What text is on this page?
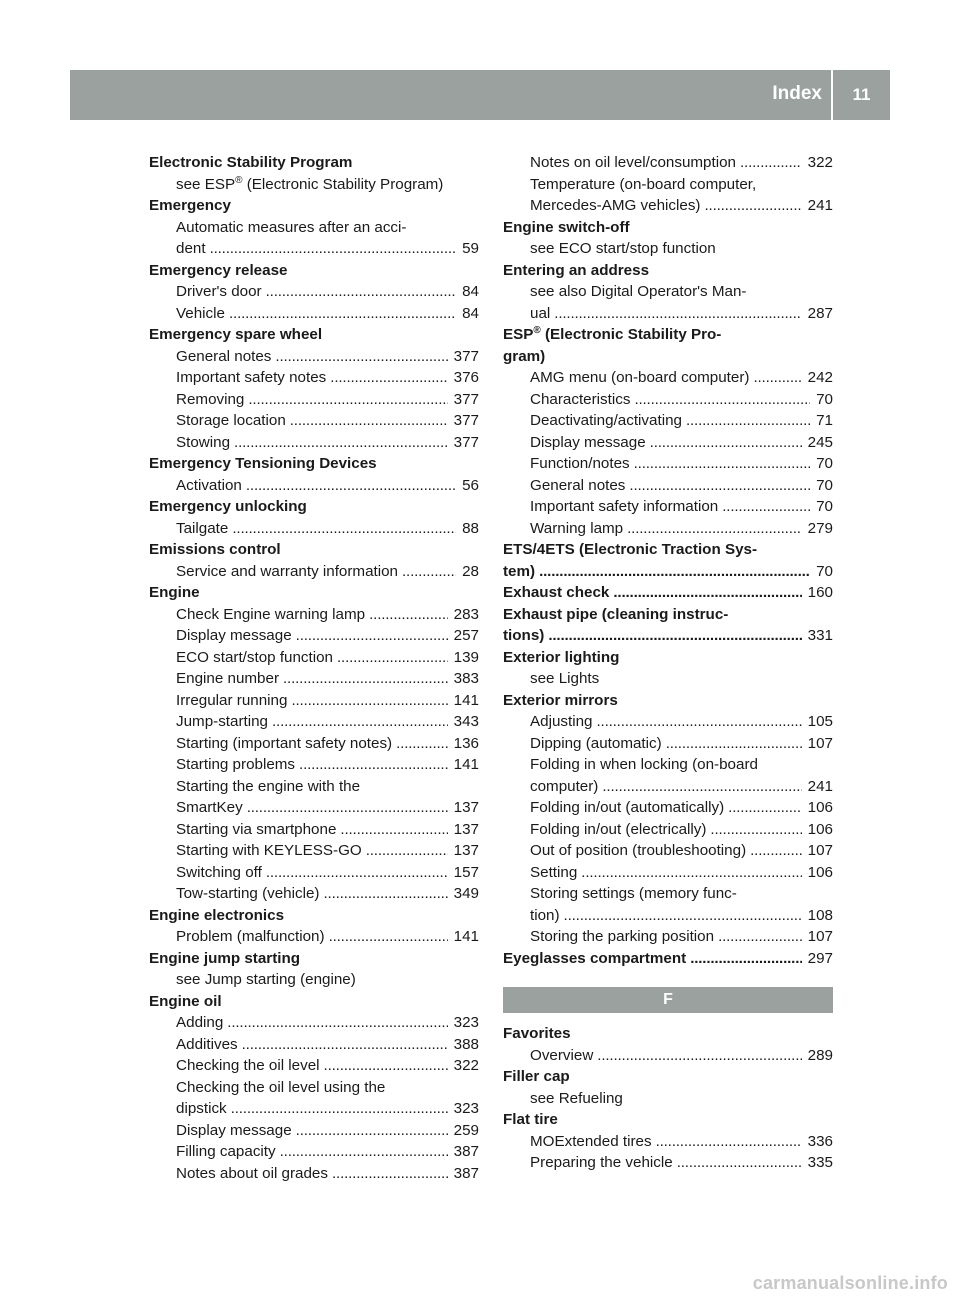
Index	11
Electronic Stability Program
see ESP® (Electronic Stability Program)
Emergency
Automatic measures after an acci-
dent . . .	59
Emergency release
Driver's door . . .	84
Vehicle . . .	84
Emergency spare wheel
General notes . . .	377
Important safety notes . . .	376
Removing . . .	377
Storage location . . .	377
Stowing . . .	377
Emergency Tensioning Devices
Activation . . .	56
Emergency unlocking
Tailgate . . .	88
Emissions control
Service and warranty information . . .	28
Engine
Check Engine warning lamp . . .	283
Display message . . .	257
ECO start/stop function . . .	139
Engine number . . .	383
Irregular running . . .	141
Jump-starting . . .	343
Starting (important safety notes) . . .	136
Starting problems . . .	141
Starting the engine with the
SmartKey . . .	137
Starting via smartphone . . .	137
Starting with KEYLESS-GO . . .	137
Switching off . . .	157
Tow-starting (vehicle) . . .	349
Engine electronics
Problem (malfunction) . . .	141
Engine jump starting
see Jump starting (engine)
Engine oil
Adding . . .	323
Additives . . .	388
Checking the oil level . . .	322
Checking the oil level using the
dipstick . . .	323
Display message . . .	259
Filling capacity . . .	387
Notes about oil grades . . .	387
Notes on oil level/consumption . . .	322
Temperature (on-board computer,
Mercedes-AMG vehicles) . . .	241
Engine switch-off
see ECO start/stop function
Entering an address
see also Digital Operator's Man-
ual . . .	287
ESP® (Electronic Stability Pro-
gram)
AMG menu (on-board computer) . . .	242
Characteristics . . .	70
Deactivating/activating . . .	71
Display message . . .	245
Function/notes . . .	70
General notes . . .	70
Important safety information . . .	70
Warning lamp . . .	279
ETS/4ETS (Electronic Traction Sys-
tem) . . .	70
Exhaust check . . .	160
Exhaust pipe (cleaning instruc-
tions) . . .	331
Exterior lighting
see Lights
Exterior mirrors
Adjusting . . .	105
Dipping (automatic) . . .	107
Folding in when locking (on-board
computer) . . .	241
Folding in/out (automatically) . . .	106
Folding in/out (electrically) . . .	106
Out of position (troubleshooting) . . .	107
Setting . . .	106
Storing settings (memory func-
tion) . . .	108
Storing the parking position . . .	107
Eyeglasses compartment . . .	297
F
Favorites
Overview . . .	289
Filler cap
see Refueling
Flat tire
MOExtended tires . . .	336
Preparing the vehicle . . .	335
carmanualsonline.info
